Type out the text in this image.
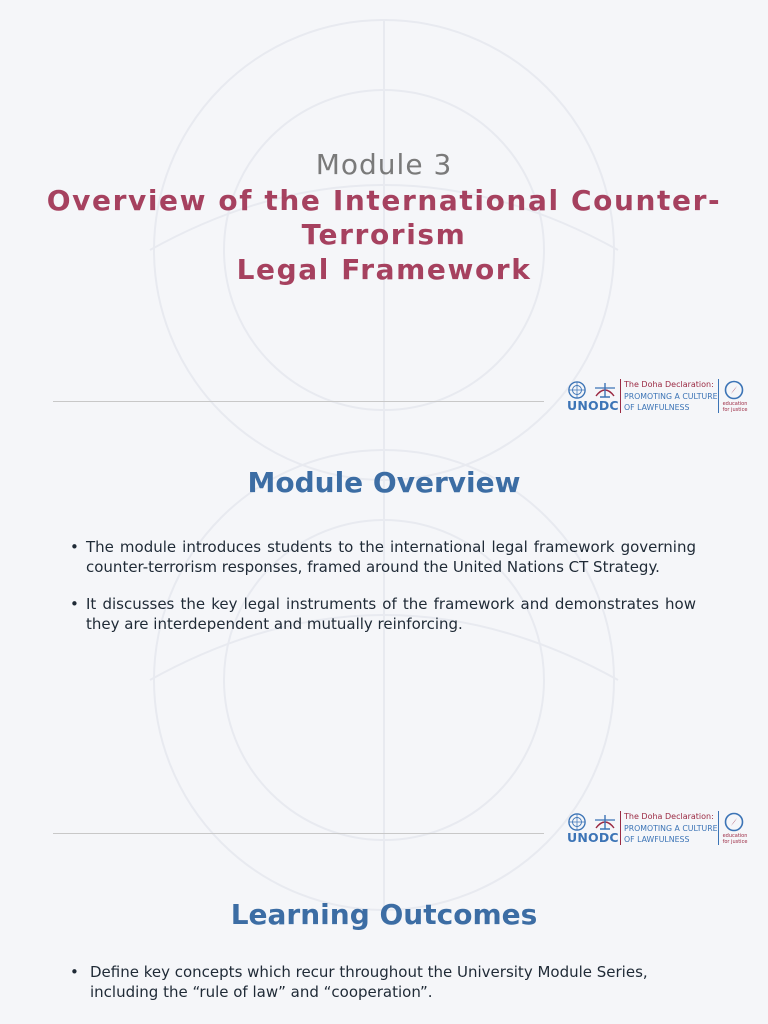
Module 3
Overview of the International Counter-
Terrorism
Legal Framework
UNODC
The Doha Declaration:
PROMOTING A CULTURE
OF LAWFULNESS	education for justice
Module Overview
• The module introduces students to the international legal framework governing counter-terrorism responses, framed around the United Nations CT Strategy.
• It discusses the key legal instruments of the framework and demonstrates how they are interdependent and mutually reinforcing.
UNODC
The Doha Declaration:
PROMOTING A CULTURE
OF LAWFULNESS	education for justice
Learning Outcomes
• Define key concepts which recur throughout the University Module Series, including the “rule of law” and “cooperation”.
